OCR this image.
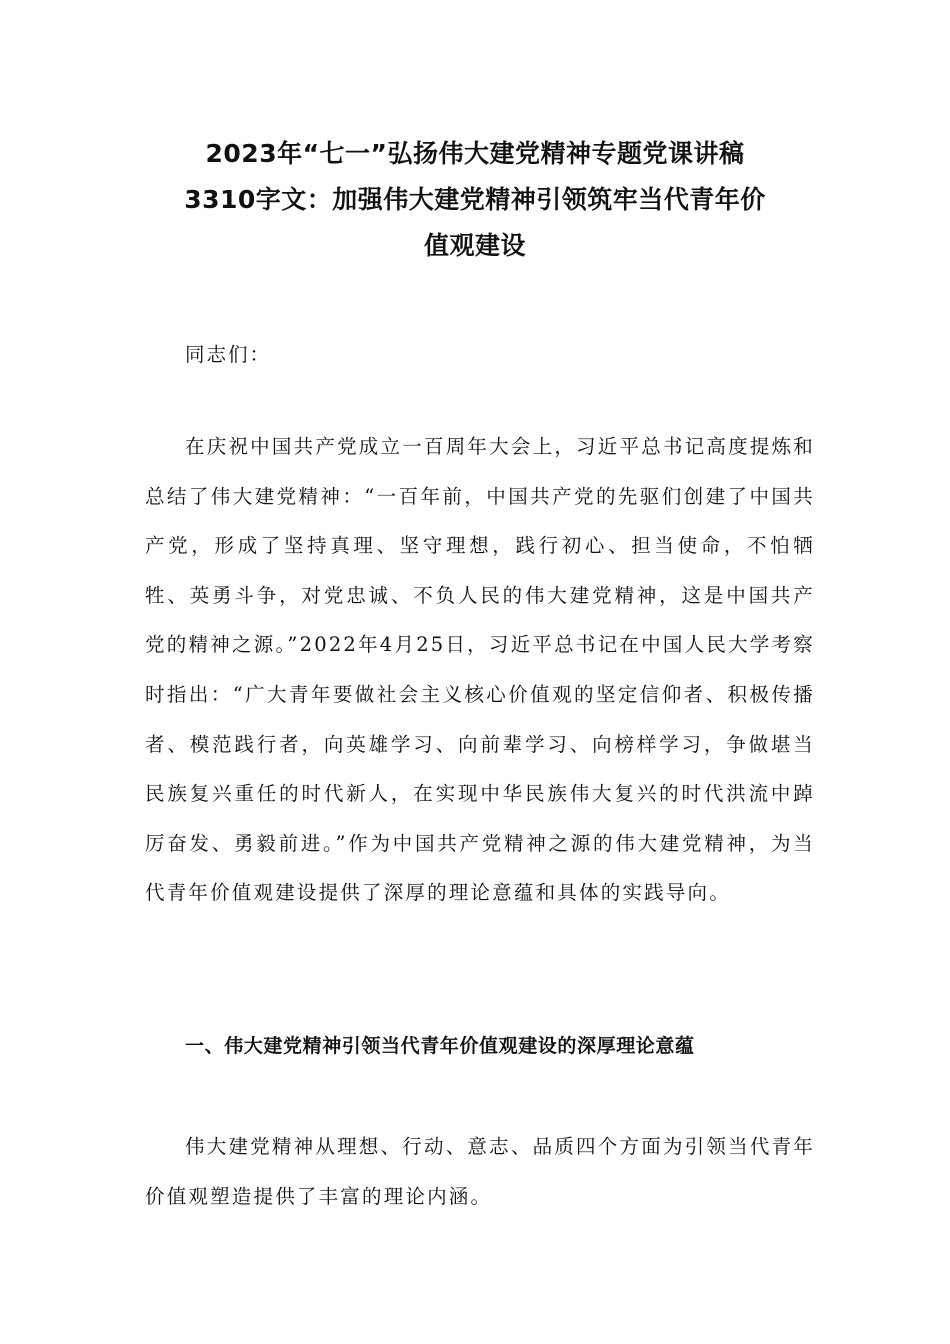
2023年“七一”弘扬伟大建党精神专题党课讲稿
3310字文：加强伟大建党精神引领筑牢当代青年价
值观建设

同志们：

在庆祝中国共产党成立一百周年大会上，习近平总书记高度提炼和总结了伟大建党精神：“一百年前，中国共产党的先驱们创建了中国共产党，形成了坚持真理、坚守理想，践行初心、担当使命，不怕牺牲、英勇斗争，对党忠诚、不负人民的伟大建党精神，这是中国共产党的精神之源。”2022年4月25日，习近平总书记在中国人民大学考察时指出：“广大青年要做社会主义核心价值观的坚定信仰者、积极传播者、模范践行者，向英雄学习、向前辈学习、向榜样学习，争做堪当民族复兴重任的时代新人，在实现中华民族伟大复兴的时代洪流中踔厉奋发、勇毅前进。”作为中国共产党精神之源的伟大建党精神，为当代青年价值观建设提供了深厚的理论意蕴和具体的实践导向。

一、伟大建党精神引领当代青年价值观建设的深厚理论意蕴

伟大建党精神从理想、行动、意志、品质四个方面为引领当代青年价值观塑造提供了丰富的理论内涵。
